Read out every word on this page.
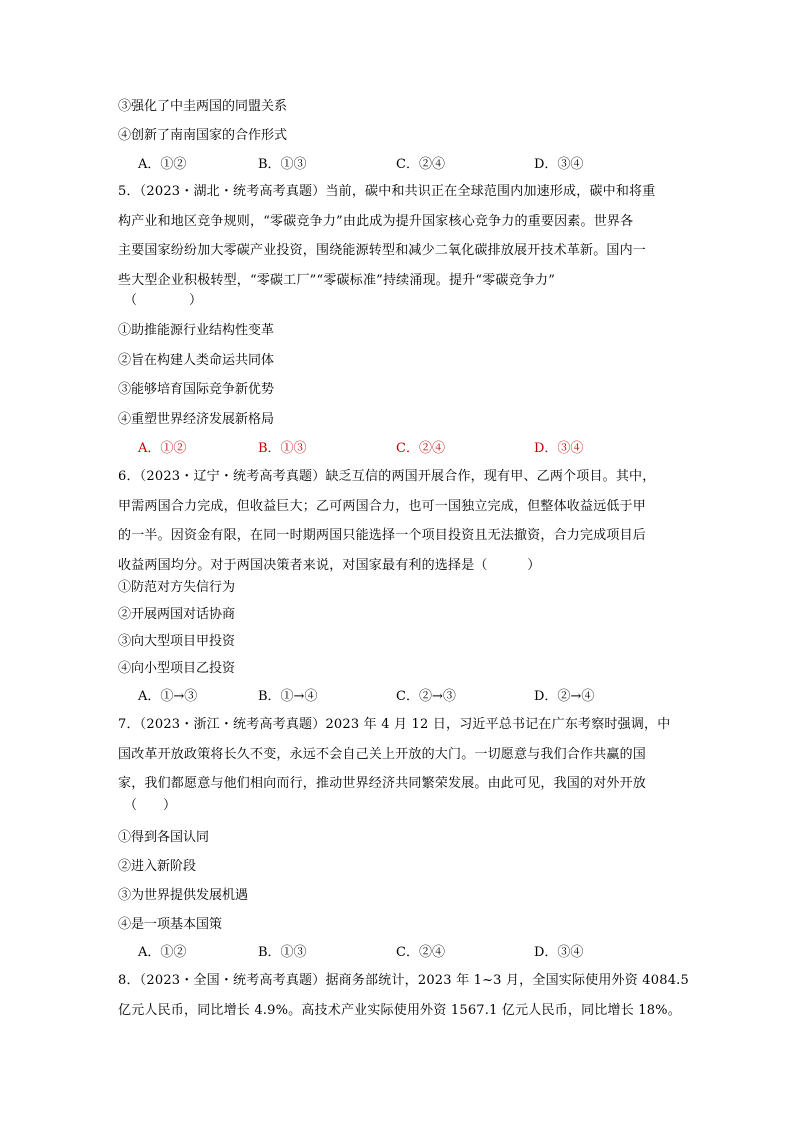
③强化了中圭两国的同盟关系
④创新了南南国家的合作形式
A．①②	B．①③	C．②④	D．③④
5．（2023・湖北・统考高考真题）当前，碳中和共识正在全球范围内加速形成，碳中和将重
构产业和地区竞争规则，“零碳竞争力”由此成为提升国家核心竞争力的重要因素。世界各
主要国家纷纷加大零碳产业投资，围绕能源转型和减少二氧化碳排放展开技术革新。国内一
些大型企业积极转型，“零碳工厂”“零碳标准”持续涌现。提升“零碳竞争力”
（　　　　）
①助推能源行业结构性变革
②旨在构建人类命运共同体
③能够培育国际竞争新优势
④重塑世界经济发展新格局
A．①②	B．①③	C．②④	D．③④
6．（2023・辽宁・统考高考真题）缺乏互信的两国开展合作，现有甲、乙两个项目。其中，
甲需两国合力完成，但收益巨大；乙可两国合力，也可一国独立完成，但整体收益远低于甲
的一半。因资金有限，在同一时期两国只能选择一个项目投资且无法撤资，合力完成项目后
收益两国均分。对于两国决策者来说，对国家最有利的选择是（　　　）
①防范对方失信行为
②开展两国对话协商
③向大型项目甲投资
④向小型项目乙投资
A．①→③	B．①→④	C．②→③	D．②→④
7．（2023・浙江・统考高考真题）2023 年 4 月 12 日，习近平总书记在广东考察时强调，中
国改革开放政策将长久不变，永远不会自己关上开放的大门。一切愿意与我们合作共赢的国
家，我们都愿意与他们相向而行，推动世界经济共同繁荣发展。由此可见，我国的对外开放
（　　）
①得到各国认同
②进入新阶段
③为世界提供发展机遇
④是一项基本国策
A．①②	B．①③	C．②④	D．③④
8．（2023・全国・统考高考真题）据商务部统计，2023 年 1~3 月，全国实际使用外资 4084.5
亿元人民币，同比增长 4.9%。高技术产业实际使用外资 1567.1 亿元人民币，同比增长 18%。
